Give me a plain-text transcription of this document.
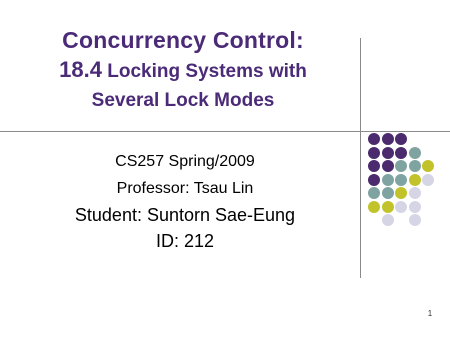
Concurrency Control:
18.4 Locking Systems with
Several Lock Modes
CS257 Spring/2009
Professor: Tsau Lin
Student: Suntorn Sae-Eung
ID: 212
1
